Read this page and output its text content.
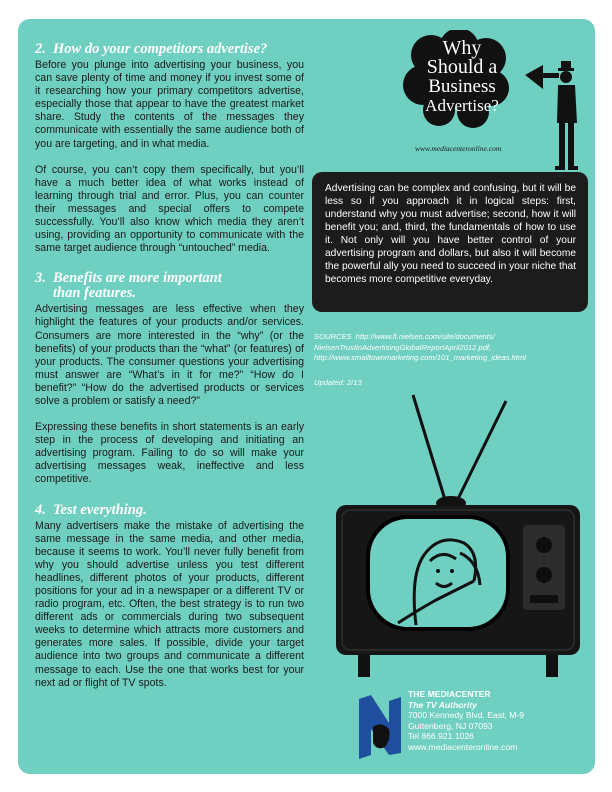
2. How do your competitors advertise?

Before you plunge into advertising your business, you can save plenty of time and money if you invest some of it researching how your primary competitors advertise, especially those that appear to have the greatest market share. Study the contents of the messages they communicate with essentially the same audience both of you are targeting, and in what media.

Of course, you can’t copy them specifically, but you’ll have a much better idea of what works instead of learning through trial and error. Plus, you can counter their messages and special offers to compete successfully. You’ll also know which media they aren’t using, providing an opportunity to communicate with the same target audience through “untouched” media.

3. Benefits are more important
than features.

Advertising messages are less effective when they highlight the features of your products and/or services. Consumers are more interested in the “why” (or the benefits) of your products than the “what” (or features) of your products. The consumer questions your advertising must answer are “What’s in it for me?” “How do I benefit?” “How do the advertised products or services solve a problem or satisfy a need?”

Expressing these benefits in short statements is an early step in the process of developing and initiating an advertising program. Failing to do so will make your advertising messages weak, ineffective and less competitive.

4. Test everything.

Many advertisers make the mistake of advertising the same message in the same media, and other media, because it seems to work. You’ll never fully benefit from why you should advertise unless you test different headlines, different photos of your products, different positions for your ad in a newspaper or a different TV or radio program, etc. Often, the best strategy is to run two different ads or commercials during two subsequent weeks to determine which attracts more customers and generates more sales. If possible, divide your target audience into two groups and communicate a different message to each. Use the one that works best for your next ad or flight of TV spots.

Why
Should a
Business
Advertise?
www.mediacenteronline.com
Advertising can be complex and confusing, but it will be less so if you approach it in logical steps: first, understand why you must advertise; second, how it will benefit you; and, third, the fundamentals of how to use it. Not only will you have better control of your advertising program and dollars, but also it will become the powerful ally you need to succeed in your niche that becomes more competitive everyday.
SOURCES http://www.fi.nielsen.com/site/documents/
NielsenTrustinAdvertisingGlobalReportApril2012.pdf,
http://www.smalltownmarketing.com/101_marketing_ideas.html
Updated: 2/13
THE MEDIACENTER
The TV Authority
7000 Kennedy Blvd. East, M-9
Guttenberg, NJ 07093
Tel 866.921.1026
www.mediacenteronline.com
